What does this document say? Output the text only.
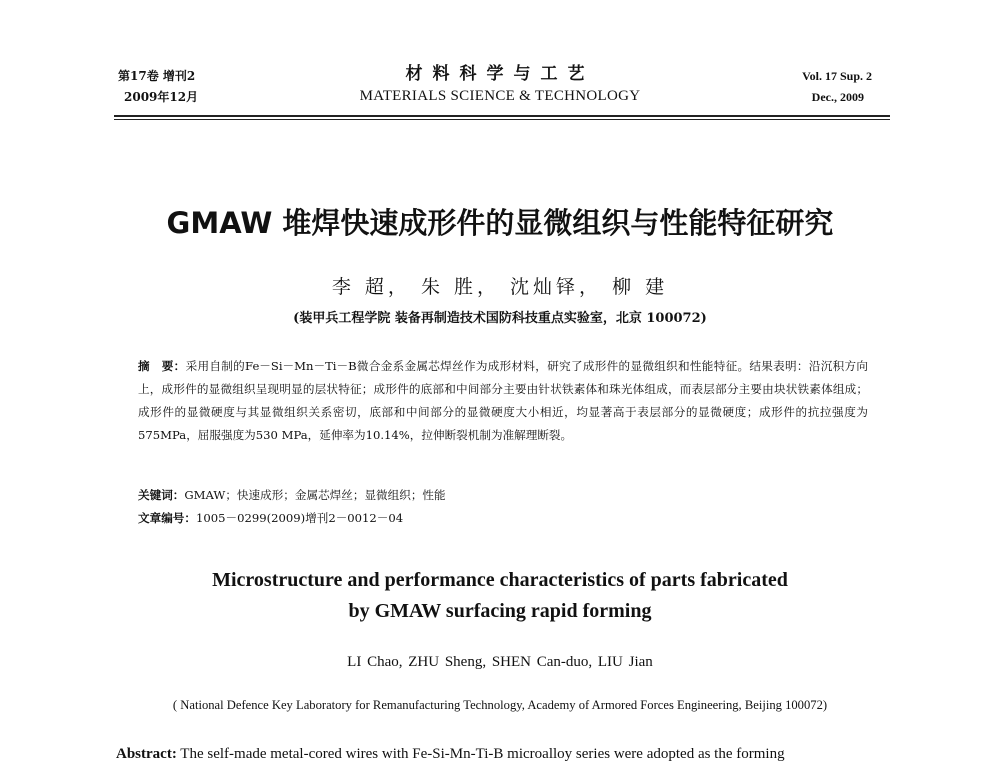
第17卷 增刊2
2009年12月
材料科学与工艺
MATERIALS SCIENCE & TECHNOLOGY
Vol. 17 Sup. 2
Dec., 2009
GMAW 堆焊快速成形件的显微组织与性能特征研究
李 超， 朱 胜， 沈灿铎， 柳 建
(装甲兵工程学院 装备再制造技术国防科技重点实验室，北京 100072)
摘　要：采用自制的Fe－Si－Mn－Ti－B微合金系金属芯焊丝作为成形材料，研究了成形件的显微组织和性能特征。结果表明：沿沉积方向上，成形件的显微组织呈现明显的层状特征；成形件的底部和中间部分主要由针状铁素体和珠光体组成，而表层部分主要由块状铁素体组成；成形件的显微硬度与其显微组织关系密切，底部和中间部分的显微硬度大小相近，均显著高于表层部分的显微硬度；成形件的抗拉强度为575MPa，屈服强度为530 MPa，延伸率为10.14%，拉伸断裂机制为准解理断裂。
关键词：GMAW；快速成形；金属芯焊丝；显微组织；性能
文章编号：1005－0299(2009)增刊2－0012－04
Microstructure and performance characteristics of parts fabricated
by GMAW surfacing rapid forming
LI Chao, ZHU Sheng, SHEN Can-duo, LIU Jian
( National Defence Key Laboratory for Remanufacturing Technology, Academy of Armored Forces Engineering, Beijing 100072)
Abstract: The self-made metal-cored wires with Fe-Si-Mn-Ti-B microalloy series were adopted as the forming
